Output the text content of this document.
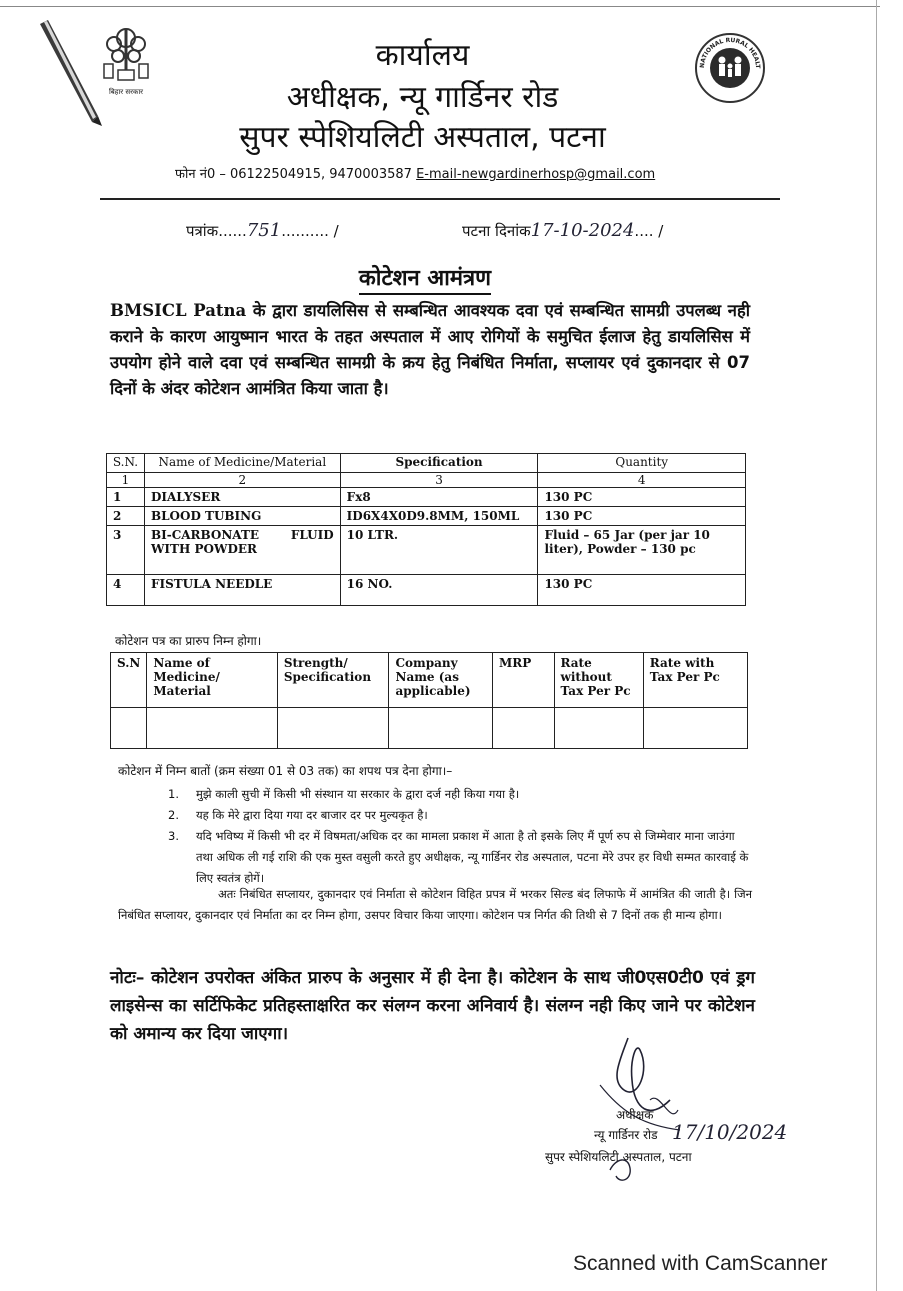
बिहार सरकार
NATIONAL RURAL HEALT
कार्यालय
अधीक्षक, न्यू गार्डिनर रोड
सुपर स्पेशियलिटी अस्पताल, पटना
फोन नं0 – 06122504915, 9470003587 E-mail-newgardinerhosp@gmail.com
पत्रांक......751.......... /	पटना दिनांक17-10-2024.... /
कोटेशन आमंत्रण
BMSICL Patna के द्वारा डायलिसिस से सम्बन्धित आवश्यक दवा एवं सम्बन्धित सामग्री उपलब्ध नही कराने के कारण आयुष्मान भारत के तहत अस्पताल में आए रोगियों के समुचित ईलाज हेतु डायलिसिस में उपयोग होने वाले दवा एवं सम्बन्धित सामग्री के क्रय हेतु निबंधित निर्माता, सप्लायर एवं दुकानदार से 07 दिनों के अंदर कोटेशन आमंत्रित किया जाता है।
S.N.	Name of Medicine/Material	Specification	Quantity
1	2	3	4
1	DIALYSER	Fx8	130 PC
2	BLOOD TUBING	ID6X4X0D9.8MM, 150ML	130 PC
3	BI-CARBONATE FLUID WITH POWDER	10 LTR.	Fluid – 65 Jar (per jar 10 liter), Powder – 130 pc
4	FISTULA NEEDLE	16 NO.	130 PC
कोटेशन पत्र का प्रारुप निम्न होगा।
S.N	Name of Medicine/ Material	Strength/ Specification	Company Name (as applicable)	MRP	Rate without Tax Per Pc	Rate with Tax Per Pc

कोटेशन में निम्न बातों (क्रम संख्या 01 से 03 तक) का शपथ पत्र देना होगा।–
1.	मुझे काली सुची में किसी भी संस्थान या सरकार के द्वारा दर्ज नही किया गया है।
2.	यह कि मेरे द्वारा दिया गया दर बाजार दर पर मुल्यकृत है।
3.	यदि भविष्य में किसी भी दर में विषमता/अधिक दर का मामला प्रकाश में आता है तो इसके लिए मैं पूर्ण रुप से जिम्मेवार माना जाउंगा तथा अधिक ली गई राशि की एक मुस्त वसुली करते हुए अधीक्षक, न्यू गार्डिनर रोड अस्पताल, पटना मेरे उपर हर विधी सम्मत कारवाई के लिए स्वतंत्र होगें।
अतः निबंधित सप्लायर, दुकानदार एवं निर्माता से कोटेशन विहित प्रपत्र में भरकर सिल्ड बंद लिफाफे में आमंत्रित की जाती है। जिन निबंधित सप्लायर, दुकानदार एवं निर्माता का दर निम्न होगा, उसपर विचार किया जाएगा। कोटेशन पत्र निर्गत की तिथी से 7 दिनों तक ही मान्य होगा।
नोटः– कोटेशन उपरोक्त अंकित प्रारुप के अनुसार में ही देना है। कोटेशन के साथ जी0एस0टी0 एवं ड्रग लाइसेन्स का सर्टिफिकेट प्रतिहस्ताक्षरित कर संलग्न करना अनिवार्य है। संलग्न नही किए जाने पर कोटेशन को अमान्य कर दिया जाएगा।
अधीक्षक
न्यू गार्डिनर रोड
सुपर स्पेशियलिटी अस्पताल, पटना
17/10/2024
Scanned with CamScanner
